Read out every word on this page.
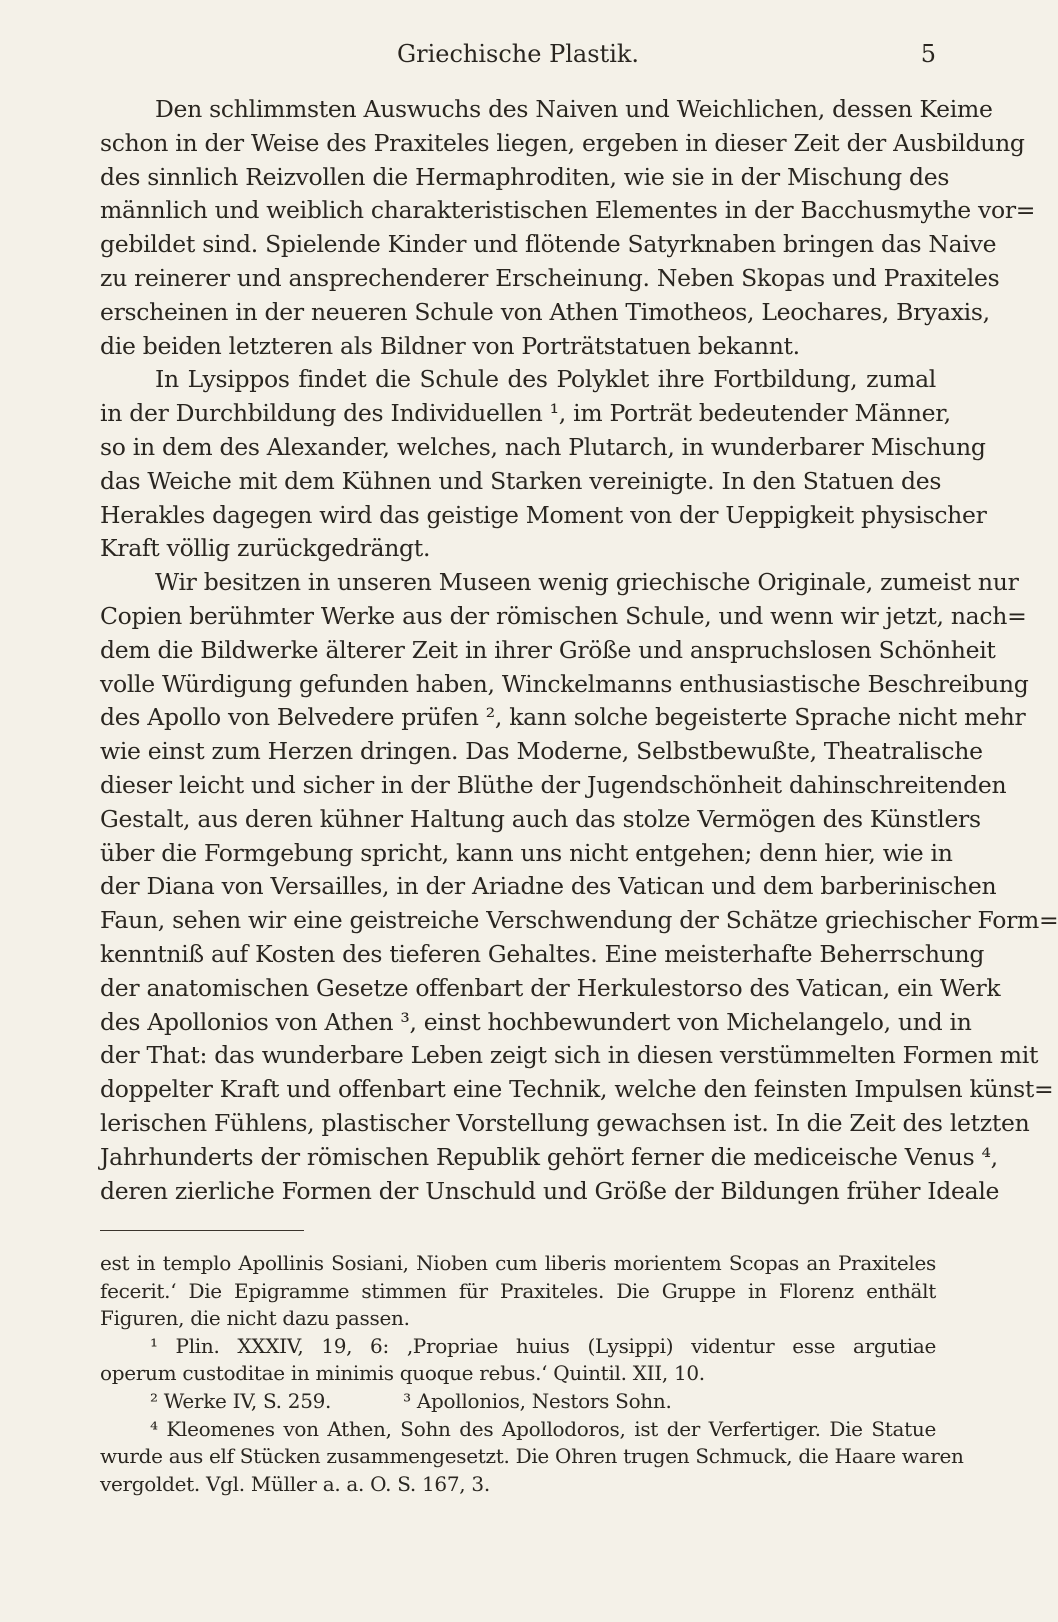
Griechische Plastik.	5
Den schlimmsten Auswuchs des Naiven und Weichlichen, dessen Keime
schon in der Weise des Praxiteles liegen, ergeben in dieser Zeit der Ausbildung
des sinnlich Reizvollen die Hermaphroditen, wie sie in der Mischung des
männlich und weiblich charakteristischen Elementes in der Bacchusmythe vor=
gebildet sind. Spielende Kinder und flötende Satyrknaben bringen das Naive
zu reinerer und ansprechenderer Erscheinung. Neben Skopas und Praxiteles
erscheinen in der neueren Schule von Athen Timotheos, Leochares, Bryaxis,
die beiden letzteren als Bildner von Porträtstatuen bekannt.
In Lysippos findet die Schule des Polyklet ihre Fortbildung, zumal
in der Durchbildung des Individuellen ¹, im Porträt bedeutender Männer,
so in dem des Alexander, welches, nach Plutarch, in wunderbarer Mischung
das Weiche mit dem Kühnen und Starken vereinigte. In den Statuen des
Herakles dagegen wird das geistige Moment von der Ueppigkeit physischer
Kraft völlig zurückgedrängt.
Wir besitzen in unseren Museen wenig griechische Originale, zumeist nur
Copien berühmter Werke aus der römischen Schule, und wenn wir jetzt, nach=
dem die Bildwerke älterer Zeit in ihrer Größe und anspruchslosen Schönheit
volle Würdigung gefunden haben, Winckelmanns enthusiastische Beschreibung
des Apollo von Belvedere prüfen ², kann solche begeisterte Sprache nicht mehr
wie einst zum Herzen dringen. Das Moderne, Selbstbewußte, Theatralische
dieser leicht und sicher in der Blüthe der Jugendschönheit dahinschreitenden
Gestalt, aus deren kühner Haltung auch das stolze Vermögen des Künstlers
über die Formgebung spricht, kann uns nicht entgehen; denn hier, wie in
der Diana von Versailles, in der Ariadne des Vatican und dem barberinischen
Faun, sehen wir eine geistreiche Verschwendung der Schätze griechischer Form=
kenntniß auf Kosten des tieferen Gehaltes. Eine meisterhafte Beherrschung
der anatomischen Gesetze offenbart der Herkulestorso des Vatican, ein Werk
des Apollonios von Athen ³, einst hochbewundert von Michelangelo, und in
der That: das wunderbare Leben zeigt sich in diesen verstümmelten Formen mit
doppelter Kraft und offenbart eine Technik, welche den feinsten Impulsen künst=
lerischen Fühlens, plastischer Vorstellung gewachsen ist. In die Zeit des letzten
Jahrhunderts der römischen Republik gehört ferner die mediceische Venus ⁴,
deren zierliche Formen der Unschuld und Größe der Bildungen früher Ideale
est in templo Apollinis Sosiani, Nioben cum liberis morientem Scopas an Praxiteles
fecerit.‘ Die Epigramme stimmen für Praxiteles. Die Gruppe in Florenz enthält
Figuren, die nicht dazu passen.
¹ Plin. XXXIV, 19, 6: ‚Propriae huius (Lysippi) videntur esse argutiae
operum custoditae in minimis quoque rebus.‘ Quintil. XII, 10.
² Werke IV, S. 259.	³ Apollonios, Nestors Sohn.
⁴ Kleomenes von Athen, Sohn des Apollodoros, ist der Verfertiger. Die Statue
wurde aus elf Stücken zusammengesetzt. Die Ohren trugen Schmuck, die Haare waren
vergoldet. Vgl. Müller a. a. O. S. 167, 3.
